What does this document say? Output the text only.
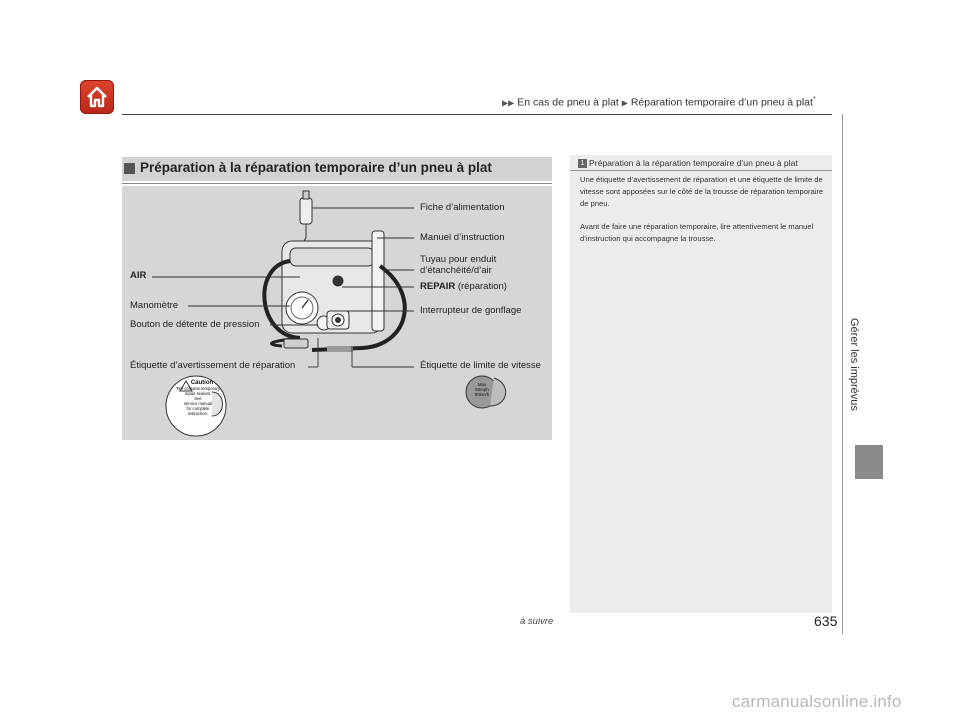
▶▶ En cas de pneu à plat ▶ Réparation temporaire d’un pneu à plat*
Gérer les imprévus
Préparation à la réparation temporaire d’un pneu à plat
Fiche d’alimentation
Manuel d’instruction
Tuyau pour enduit
d’étanchéité/d’air
AIR
REPAIR (réparation)
Manomètre	Interrupteur de gonflage
Bouton de détente de pression
Étiquette d’avertissement de réparation	Étiquette de limite de vitesse
Caution
Tire contains temporary
repair sealant.
See
service manual
for complete
instruction.
Max
50mph
80km/h
1 Préparation à la réparation temporaire d’un pneu à plat
Une étiquette d’avertissement de réparation et une étiquette de limite de vitesse sont apposées sur le côté de la trousse de réparation temporaire de pneu.
Avant de faire une réparation temporaire, lire attentivement le manuel d’instruction qui accompagne la trousse.
à suivre	635
carmanualsonline.info
